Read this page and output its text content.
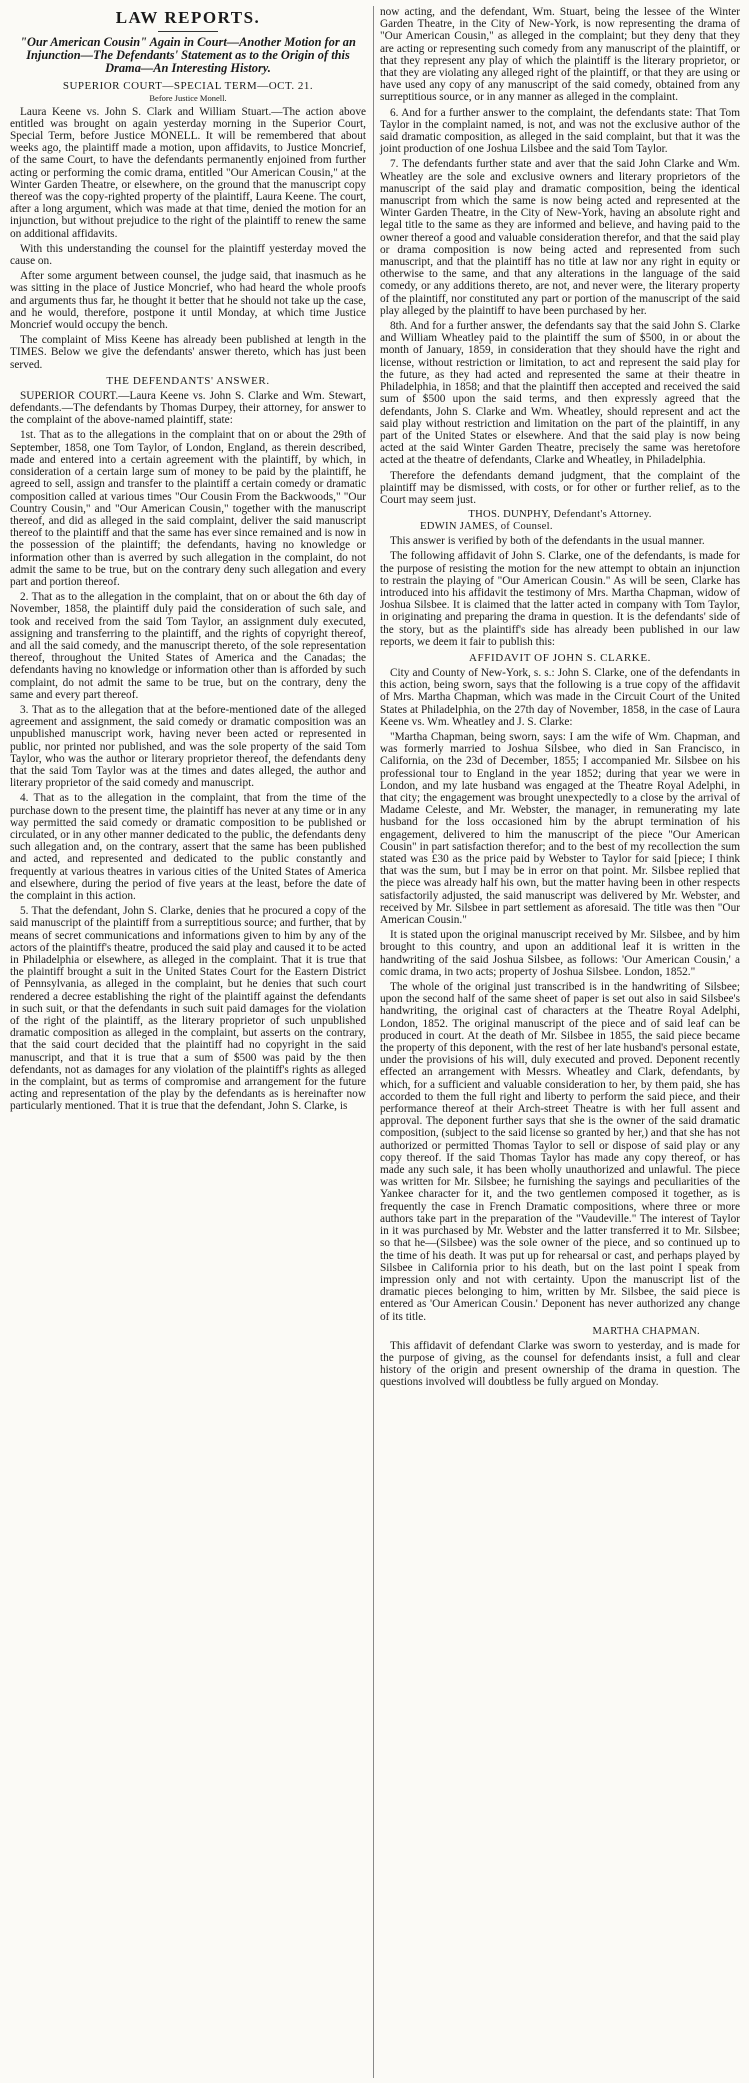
LAW REPORTS.
"Our American Cousin" Again in Court—Another Motion for an Injunction—The Defendants' Statement as to the Origin of this Drama—An Interesting History.
SUPERIOR COURT—SPECIAL TERM—OCT. 21.
Before Justice Monell.

Laura Keene vs. John S. Clark and William Stuart.—The action above entitled was brought on again yesterday morning in the Superior Court, Special Term, before Justice MONELL. It will be remembered that about weeks ago, the plaintiff made a motion, upon affidavits, to Justice Moncrief, of the same Court, to have the defendants permanently enjoined from further acting or performing the comic drama, entitled "Our American Cousin," at the Winter Garden Theatre, or elsewhere, on the ground that the manuscript copy thereof was the copy-righted property of the plaintiff, Laura Keene. The court, after a long argument, which was made at that time, denied the motion for an injunction, but without prejudice to the right of the plaintiff to renew the same on additional affidavits.

With this understanding the counsel for the plaintiff yesterday moved the cause on.

After some argument between counsel, the judge said, that inasmuch as he was sitting in the place of Justice Moncrief, who had heard the whole proofs and arguments thus far, he thought it better that he should not take up the case, and he would, therefore, postpone it until Monday, at which time Justice Moncrief would occupy the bench.

The complaint of Miss Keene has already been published at length in the TIMES. Below we give the defendants' answer thereto, which has just been served.

THE DEFENDANTS' ANSWER.

SUPERIOR COURT.—Laura Keene vs. John S. Clarke and Wm. Stewart, defendants.—The defendants by Thomas Durpey, their attorney, for answer to the complaint of the above-named plaintiff, state:

1st. That as to the allegations in the complaint that on or about the 29th of September, 1858, one Tom Taylor, of London, England, as therein described, made and entered into a certain agreement with the plaintiff, by which, in consideration of a certain large sum of money to be paid by the plaintiff, he agreed to sell, assign and transfer to the plaintiff a certain comedy or dramatic composition called at various times "Our Cousin From the Backwoods," "Our Country Cousin," and "Our American Cousin," together with the manuscript thereof, and did as alleged in the said complaint, deliver the said manuscript thereof to the plaintiff and that the same has ever since remained and is now in the possession of the plaintiff; the defendants, having no knowledge or information other than is averred by such allegation in the complaint, do not admit the same to be true, but on the contrary deny such allegation and every part and portion thereof.

2. That as to the allegation in the complaint, that on or about the 6th day of November, 1858, the plaintiff duly paid the consideration of such sale, and took and received from the said Tom Taylor, an assignment duly executed, assigning and transferring to the plaintiff, and the rights of copyright thereof, and all the said comedy, and the manuscript thereto, of the sole representation thereof, throughout the United States of America and the Canadas; the defendants having no knowledge or information other than is afforded by such complaint, do not admit the same to be true, but on the contrary, deny the same and every part thereof.

3. That as to the allegation that at the before-mentioned date of the alleged agreement and assignment, the said comedy or dramatic composition was an unpublished manuscript work, having never been acted or represented in public, nor printed nor published, and was the sole property of the said Tom Taylor, who was the author or literary proprietor thereof, the defendants deny that the said Tom Taylor was at the times and dates alleged, the author and literary proprietor of the said comedy and manuscript.

4. That as to the allegation in the complaint, that from the time of the purchase down to the present time, the plaintiff has never at any time or in any way permitted the said comedy or dramatic composition to be published or circulated, or in any other manner dedicated to the public, the defendants deny such allegation and, on the contrary, assert that the same has been published and acted, and represented and dedicated to the public constantly and frequently at various theatres in various cities of the United States of America and elsewhere, during the period of five years at the least, before the date of the complaint in this action.

5. That the defendant, John S. Clarke, denies that he procured a copy of the said manuscript of the plaintiff from a surreptitious source; and further, that by means of secret communications and informations given to him by any of the actors of the plaintiff's theatre, produced the said play and caused it to be acted in Philadelphia or elsewhere, as alleged in the complaint. That it is true that the plaintiff brought a suit in the United States Court for the Eastern District of Pennsylvania, as alleged in the complaint, but he denies that such court rendered a decree establishing the right of the plaintiff against the defendants in such suit, or that the defendants in such suit paid damages for the violation of the right of the plaintiff, as the literary proprietor of such unpublished dramatic composition as alleged in the complaint, but asserts on the contrary, that the said court decided that the plaintiff had no copyright in the said manuscript, and that it is true that a sum of $500 was paid by the then defendants, not as damages for any violation of the plaintiff's rights as alleged in the complaint, but as terms of compromise and arrangement for the future acting and representation of the play by the defendants as is hereinafter now particularly mentioned. That it is true that the defendant, John S. Clarke, is

now acting, and the defendant, Wm. Stuart, being the lessee of the Winter Garden Theatre, in the City of New-York, is now representing the drama of "Our American Cousin," as alleged in the complaint; but they deny that they are acting or representing such comedy from any manuscript of the plaintiff, or that they represent any play of which the plaintiff is the literary proprietor, or that they are violating any alleged right of the plaintiff, or that they are using or have used any copy of any manuscript of the said comedy, obtained from any surreptitious source, or in any manner as alleged in the complaint.

6. And for a further answer to the complaint, the defendants state: That Tom Taylor in the complaint named, is not, and was not the exclusive author of the said dramatic composition, as alleged in the said complaint, but that it was the joint production of one Joshua Lilsbee and the said Tom Taylor.

7. The defendants further state and aver that the said John Clarke and Wm. Wheatley are the sole and exclusive owners and literary proprietors of the manuscript of the said play and dramatic composition, being the identical manuscript from which the same is now being acted and represented at the Winter Garden Theatre, in the City of New-York, having an absolute right and legal title to the same as they are informed and believe, and having paid to the owner thereof a good and valuable consideration therefor, and that the said play or drama composition is now being acted and represented from such manuscript, and that the plaintiff has no title at law nor any right in equity or otherwise to the same, and that any alterations in the language of the said comedy, or any additions thereto, are not, and never were, the literary property of the plaintiff, nor constituted any part or portion of the manuscript of the said play alleged by the plaintiff to have been purchased by her.

8th. And for a further answer, the defendants say that the said John S. Clarke and William Wheatley paid to the plaintiff the sum of $500, in or about the month of January, 1859, in consideration that they should have the right and license, without restriction or limitation, to act and represent the said play for the future, as they had acted and represented the same at their theatre in Philadelphia, in 1858; and that the plaintiff then accepted and received the said sum of $500 upon the said terms, and then expressly agreed that the defendants, John S. Clarke and Wm. Wheatley, should represent and act the said play without restriction and limitation on the part of the plaintiff, in any part of the United States or elsewhere. And that the said play is now being acted at the said Winter Garden Theatre, precisely the same was heretofore acted at the theatre of defendants, Clarke and Wheatley, in Philadelphia.

Therefore the defendants demand judgment, that the complaint of the plaintiff may be dismissed, with costs, or for other or further relief, as to the Court may seem just.

THOS. DUNPHY, Defendant's Attorney.
EDWIN JAMES, of Counsel.

This answer is verified by both of the defendants in the usual manner.

The following affidavit of John S. Clarke, one of the defendants, is made for the purpose of resisting the motion for the new attempt to obtain an injunction to restrain the playing of "Our American Cousin." As will be seen, Clarke has introduced into his affidavit the testimony of Mrs. Martha Chapman, widow of Joshua Silsbee. It is claimed that the latter acted in company with Tom Taylor, in originating and preparing the drama in question. It is the defendants' side of the story, but as the plaintiff's side has already been published in our law reports, we deem it fair to publish this:

AFFIDAVIT OF JOHN S. CLARKE.

City and County of New-York, s. s.: John S. Clarke, one of the defendants in this action, being sworn, says that the following is a true copy of the affidavit of Mrs. Martha Chapman, which was made in the Circuit Court of the United States at Philadelphia, on the 27th day of November, 1858, in the case of Laura Keene vs. Wm. Wheatley and J. S. Clarke:

"Martha Chapman, being sworn, says: I am the wife of Wm. Chapman, and was formerly married to Joshua Silsbee, who died in San Francisco, in California, on the 23d of December, 1855; I accompanied Mr. Silsbee on his professional tour to England in the year 1852; during that year we were in London, and my late husband was engaged at the Theatre Royal Adelphi, in that city; the engagement was brought unexpectedly to a close by the arrival of Madame Celeste, and Mr. Webster, the manager, in remunerating my late husband for the loss occasioned him by the abrupt termination of his engagement, delivered to him the manuscript of the piece "Our American Cousin" in part satisfaction therefor; and to the best of my recollection the sum stated was £30 as the price paid by Webster to Taylor for said [piece; I think that was the sum, but I may be in error on that point. Mr. Silsbee replied that the piece was already half his own, but the matter having been in other respects satisfactorily adjusted, the said manuscript was delivered by Mr. Webster, and received by Mr. Silsbee in part settlement as aforesaid. The title was then "Our American Cousin."

It is stated upon the original manuscript received by Mr. Silsbee, and by him brought to this country, and upon an additional leaf it is written in the handwriting of the said Joshua Silsbee, as follows: 'Our American Cousin,' a comic drama, in two acts; property of Joshua Silsbee. London, 1852."

The whole of the original just transcribed is in the handwriting of Silsbee; upon the second half of the same sheet of paper is set out also in said Silsbee's handwriting, the original cast of characters at the Theatre Royal Adelphi, London, 1852. The original manuscript of the piece and of said leaf can be produced in court. At the death of Mr. Silsbee in 1855, the said piece became the property of this deponent, with the rest of her late husband's personal estate, under the provisions of his will, duly executed and proved. Deponent recently effected an arrangement with Messrs. Wheatley and Clark, defendants, by which, for a sufficient and valuable consideration to her, by them paid, she has accorded to them the full right and liberty to perform the said piece, and their performance thereof at their Arch-street Theatre is with her full assent and approval. The deponent further says that she is the owner of the said dramatic composition, (subject to the said license so granted by her,) and that she has not authorized or permitted Thomas Taylor to sell or dispose of said play or any copy thereof. If the said Thomas Taylor has made any copy thereof, or has made any such sale, it has been wholly unauthorized and unlawful. The piece was written for Mr. Silsbee; he furnishing the sayings and peculiarities of the Yankee character for it, and the two gentlemen composed it together, as is frequently the case in French Dramatic compositions, where three or more authors take part in the preparation of the "Vaudeville." The interest of Taylor in it was purchased by Mr. Webster and the latter transferred it to Mr. Silsbee; so that he—(Silsbee) was the sole owner of the piece, and so continued up to the time of his death. It was put up for rehearsal or cast, and perhaps played by Silsbee in California prior to his death, but on the last point I speak from impression only and not with certainty. Upon the manuscript list of the dramatic pieces belonging to him, written by Mr. Silsbee, the said piece is entered as 'Our American Cousin.' Deponent has never authorized any change of its title.

MARTHA CHAPMAN.

This affidavit of defendant Clarke was sworn to yesterday, and is made for the purpose of giving, as the counsel for defendants insist, a full and clear history of the origin and present ownership of the drama in question. The questions involved will doubtless be fully argued on Monday.
